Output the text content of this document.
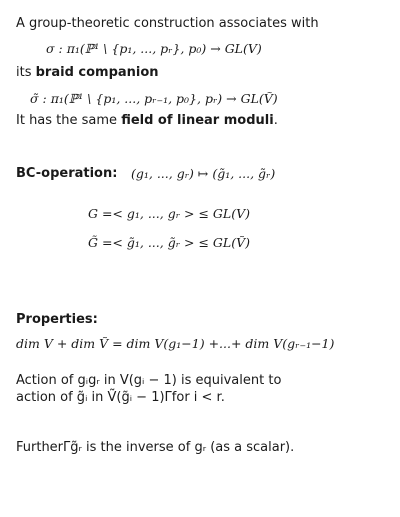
A group-theoretic construction associates with
σ : π₁(ℙ¹ \ {p₁, ..., pᵣ}, p₀) → GL(V)
its braid companion
σ̃ : π₁(ℙ¹ \ {p₁, ..., pᵣ₋₁, p₀}, pᵣ) → GL(Ṽ)
It has the same field of linear moduli.
BC-operation: (g₁, ..., gᵣ) ↦ (g̃₁, ..., g̃ᵣ)
G =< g₁, ..., gᵣ > ≤ GL(V)
G̃ =< g̃₁, ..., g̃ᵣ > ≤ GL(Ṽ)
Properties:
dim V + dim Ṽ = dim V(g₁−1) +...+ dim V(gᵣ₋₁−1)
Action of gᵢgᵣ in V(gᵢ − 1) is equivalent to
action of g̃ᵢ in Ṽ(g̃ᵢ − 1)Γfor i < r.
FurtherΓg̃ᵣ is the inverse of gᵣ (as a scalar).
